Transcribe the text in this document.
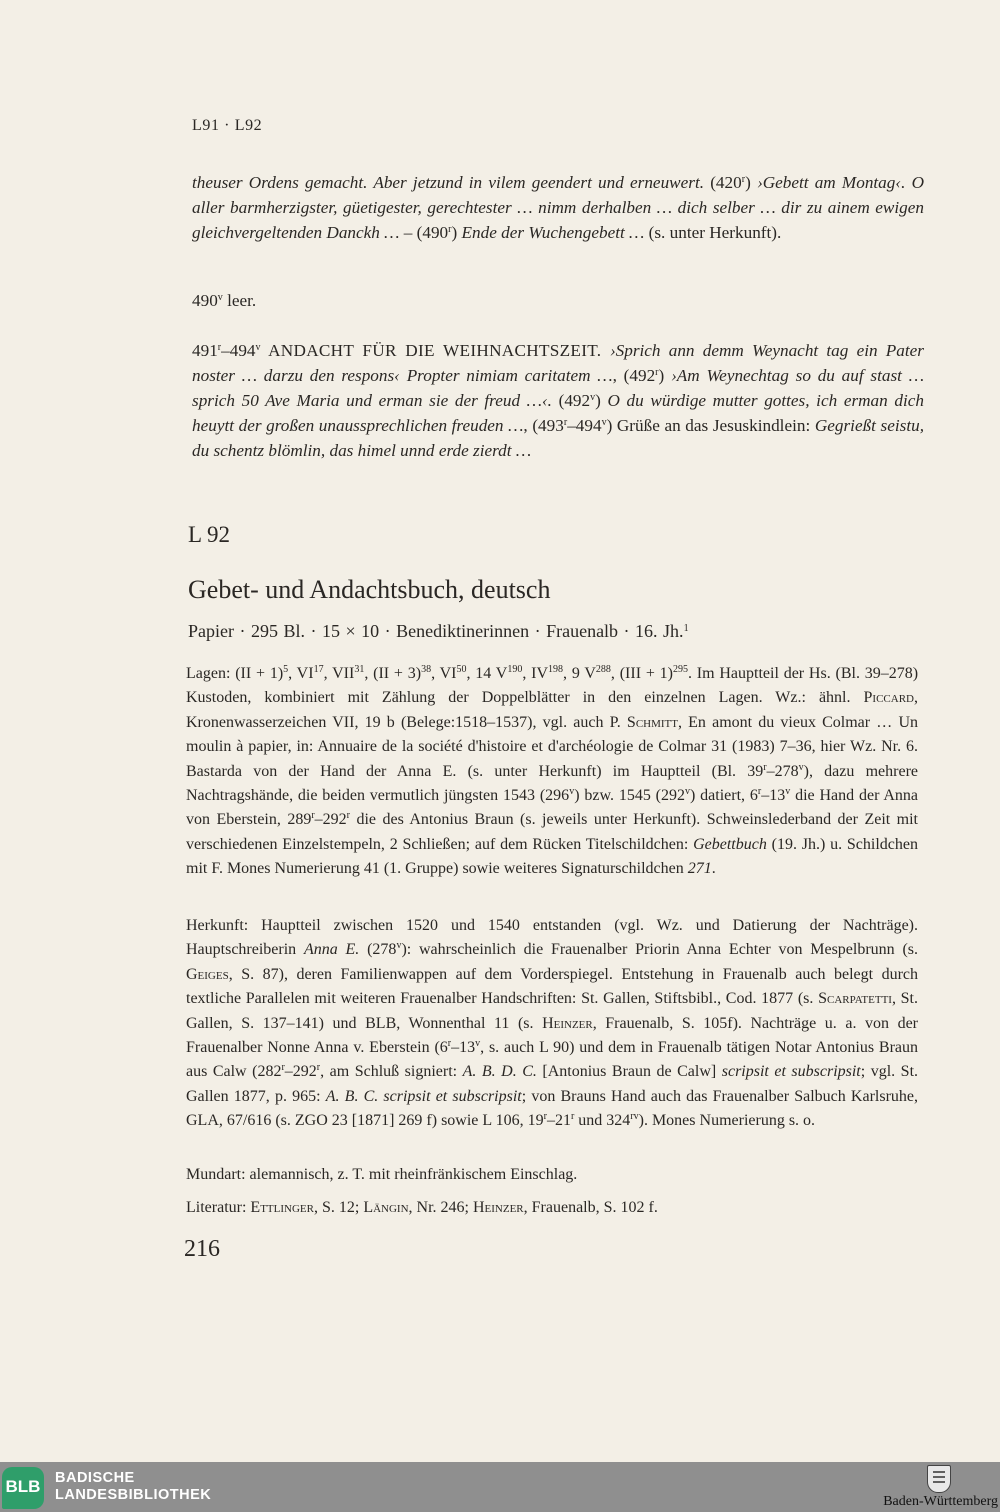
L91 · L92
theuser Ordens gemacht. Aber jetzund in vilem geendert und erneuwert. (420$^r$) ›Gebett am Montag‹. O aller barmherzigster, güetigester, gerechtester … nimm derhalben … dich selber … dir zu ainem ewigen gleichvergeltenden Danckh … – (490$^r$) Ende der Wuchengebett … (s. unter Herkunft).
490$^v$ leer.
491$^r$–494$^v$ ANDACHT FÜR DIE WEIHNACHTSZEIT. ›Sprich ann demm Weynacht tag ein Pater noster … darzu den respons‹ Propter nimiam caritatem …, (492$^r$) ›Am Weynechtag so du auf stast … sprich 50 Ave Maria und erman sie der freud …‹. (492$^v$) O du würdige mutter gottes, ich erman dich heuytt der großen unaussprechlichen freuden …, (493$^r$–494$^v$) Grüße an das Jesuskindlein: Gegrießt seistu, du schentz blömlin, das himel unnd erde zierdt …
L 92
Gebet- und Andachtsbuch, deutsch
Papier · 295 Bl. · 15 × 10 · Benediktinerinnen · Frauenalb · 16. Jh.$^1$
Lagen: (II + 1)$^5$, VI$^{17}$, VII$^{31}$, (II + 3)$^{38}$, VI$^{50}$, 14 $V^{190}$, IV$^{198}$, 9 $V^{288}$, (III + 1)$^{295}$. Im Hauptteil der Hs. (Bl. 39–278) Kustoden, kombiniert mit Zählung der Doppelblätter in den einzelnen Lagen. Wz.: ähnl. Piccard, Kronenwasserzeichen VII, 19 b (Belege:1518–1537), vgl. auch P. Schmitt, En amont du vieux Colmar … Un moulin à papier, in: Annuaire de la société d'histoire et d'archéologie de Colmar 31 (1983) 7–36, hier Wz. Nr. 6. Bastarda von der Hand der Anna E. (s. unter Herkunft) im Hauptteil (Bl. 39$^r$–278$^v$), dazu mehrere Nachtragshände, die beiden vermutlich jüngsten 1543 (296$^v$) bzw. 1545 (292$^v$) datiert, 6$^r$–13$^v$ die Hand der Anna von Eberstein, 289$^r$–292$^r$ die des Antonius Braun (s. jeweils unter Herkunft). Schweinslederband der Zeit mit verschiedenen Einzelstempeln, 2 Schließen; auf dem Rücken Titelschildchen: Gebettbuch (19. Jh.) u. Schildchen mit F. Mones Numerierung 41 (1. Gruppe) sowie weiteres Signaturschildchen 271.
Herkunft: Hauptteil zwischen 1520 und 1540 entstanden (vgl. Wz. und Datierung der Nachträge). Hauptschreiberin Anna E. (278$^v$): wahrscheinlich die Frauenalber Priorin Anna Echter von Mespelbrunn (s. Geiges, S. 87), deren Familienwappen auf dem Vorderspiegel. Entstehung in Frauenalb auch belegt durch textliche Parallelen mit weiteren Frauenalber Handschriften: St. Gallen, Stiftsbibl., Cod. 1877 (s. Scarpatetti, St. Gallen, S. 137–141) und BLB, Wonnenthal 11 (s. Heinzer, Frauenalb, S. 105f). Nachträge u. a. von der Frauenalber Nonne Anna v. Eberstein (6$^r$–13$^v$, s. auch L 90) und dem in Frauenalb tätigen Notar Antonius Braun aus Calw (282$^r$–292$^r$, am Schluß signiert: A. B. D. C. [Antonius Braun de Calw] scripsit et subscripsit; vgl. St. Gallen 1877, p. 965: A. B. C. scripsit et subscripsit; von Brauns Hand auch das Frauenalber Salbuch Karlsruhe, GLA, 67/616 (s. ZGO 23 [1871] 269 f) sowie L 106, 19$^r$–21$^r$ und $324^{rv}$). Mones Numerierung s. o.
Mundart: alemannisch, z. T. mit rheinfränkischem Einschlag.
Literatur: Ettlinger, S. 12; Längin, Nr. 246; Heinzer, Frauenalb, S. 102 f.
216
BLB BADISCHE
LANDESBIBLIOTHEK	Baden-Württemberg
